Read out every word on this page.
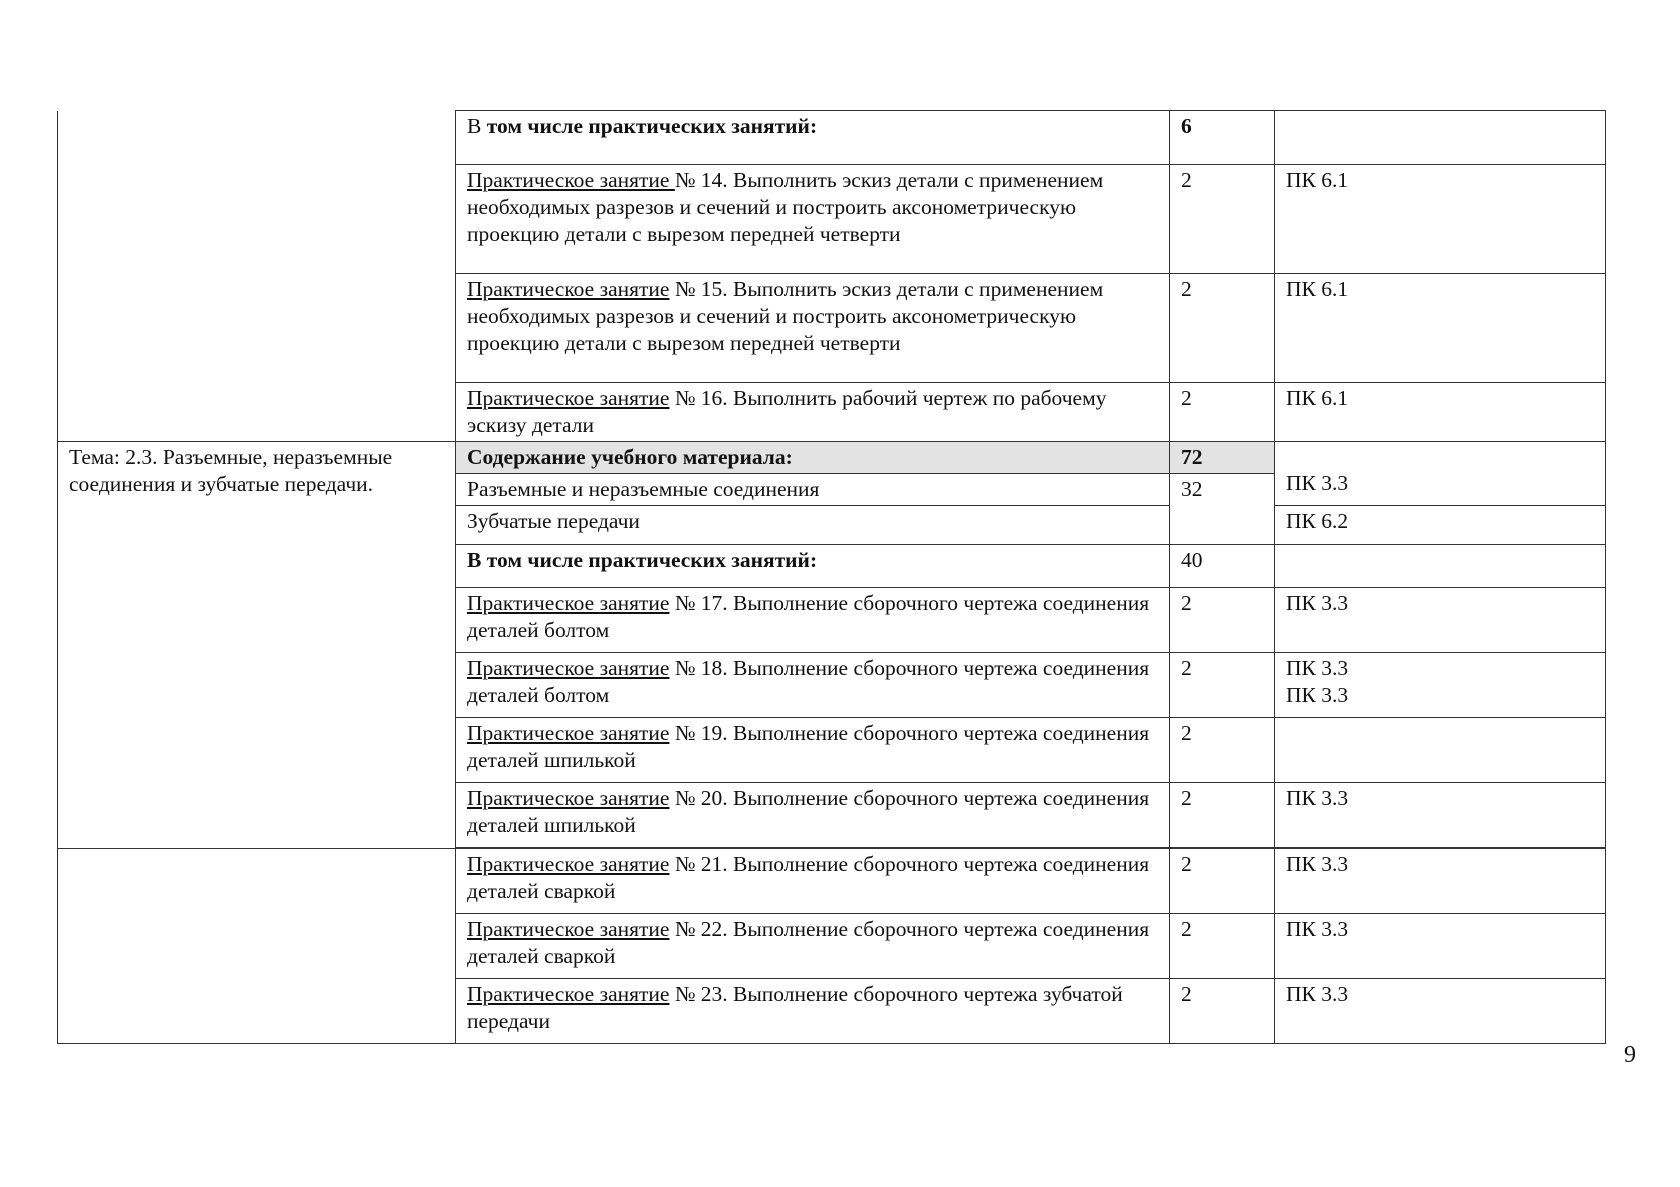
	В том числе практических занятий:	6	
	Практическое занятие № 14. Выполнить эскиз детали с применением необходимых разрезов и сечений и построить аксонометрическую проекцию детали с вырезом передней четверти	2	ПК 6.1
	Практическое занятие № 15. Выполнить эскиз детали с применением необходимых разрезов и сечений и построить аксонометрическую проекцию детали с вырезом передней четверти	2	ПК 6.1
	Практическое занятие № 16. Выполнить рабочий чертеж по рабочему эскизу детали	2	ПК 6.1
Тема: 2.3. Разъемные, неразъемные соединения и зубчатые передачи.	Содержание учебного материала:	72	ПК 3.3
	Разъемные и неразъемные соединения	32	
	Зубчатые передачи		ПК 6.2
	В том числе практических занятий:	40	
	Практическое занятие № 17. Выполнение сборочного чертежа соединения деталей болтом	2	ПК 3.3
	Практическое занятие № 18. Выполнение сборочного чертежа соединения деталей болтом	2	ПК 3.3
ПК 3.3

	Практическое занятие № 19. Выполнение сборочного чертежа соединения деталей шпилькой	2	
	Практическое занятие № 20. Выполнение сборочного чертежа соединения деталей шпилькой	2	ПК 3.3

	Практическое занятие № 21. Выполнение сборочного чертежа соединения деталей сваркой	2	ПК 3.3
	Практическое занятие № 22. Выполнение сборочного чертежа соединения деталей сваркой	2	ПК 3.3
	Практическое занятие № 23. Выполнение сборочного чертежа зубчатой передачи	2	ПК 3.3
9
